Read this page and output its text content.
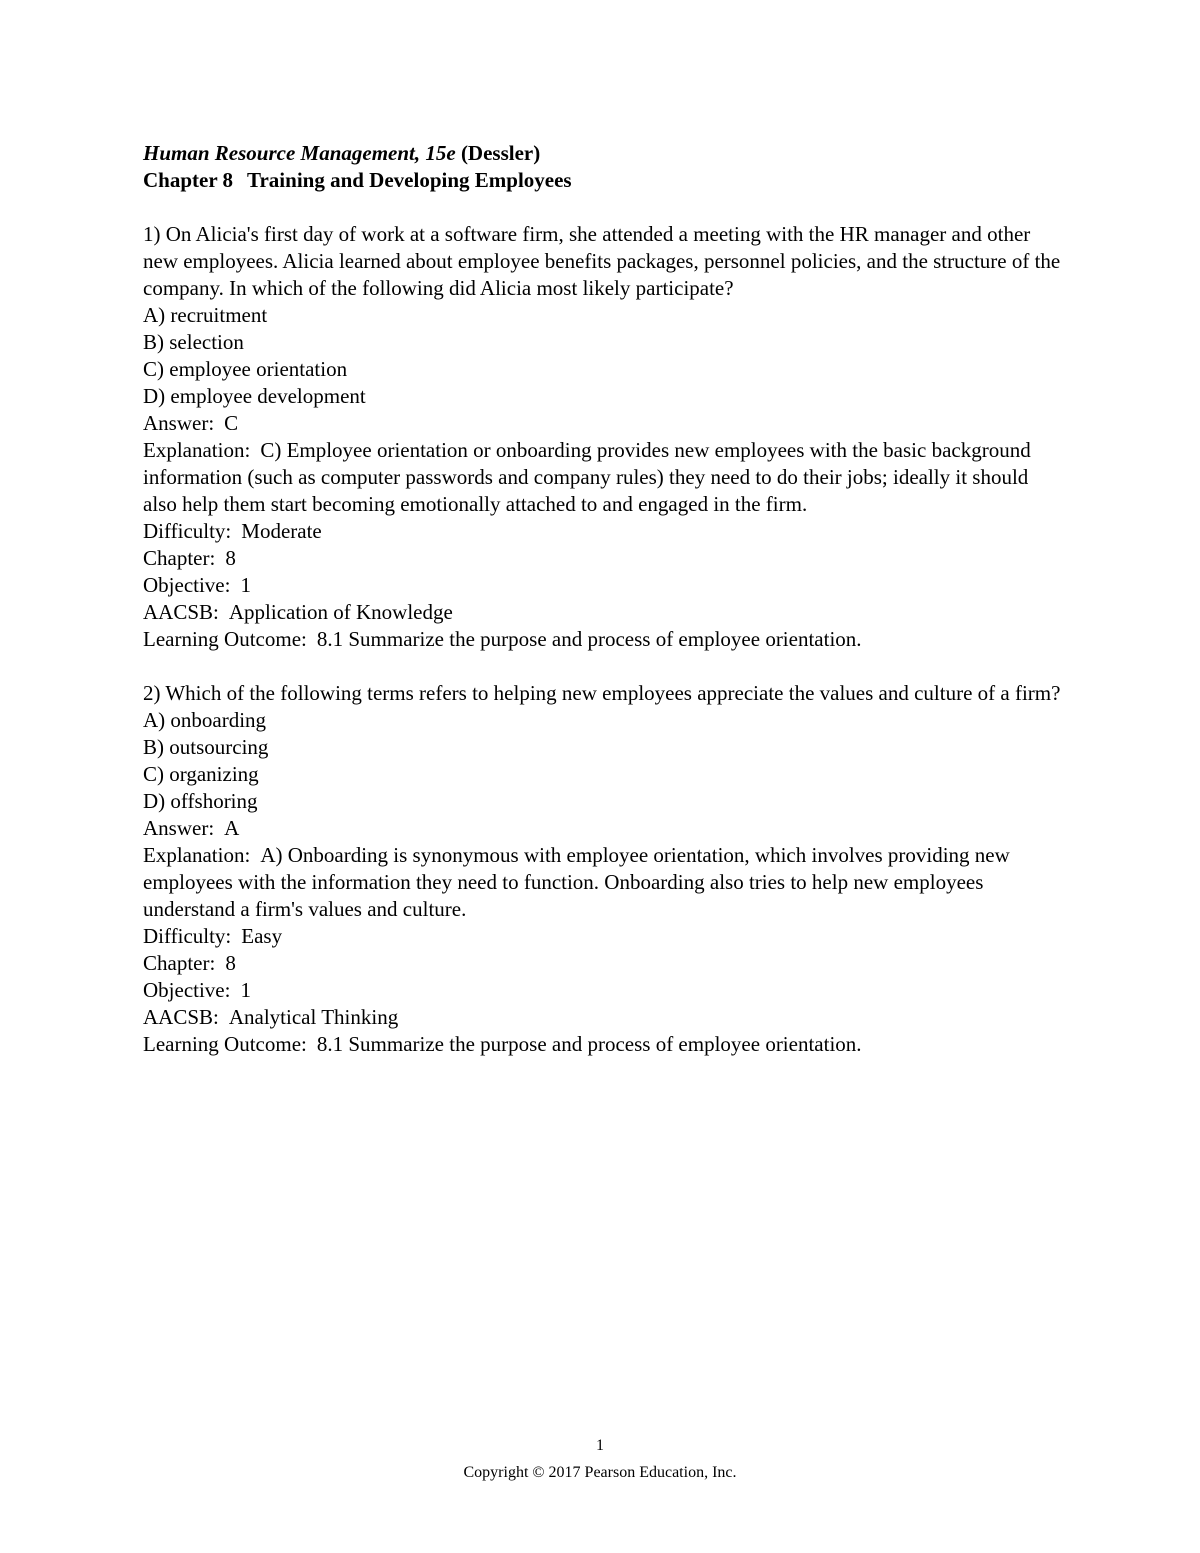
Human Resource Management, 15e (Dessler)

Chapter 8 Training and Developing Employees

1) On Alicia's first day of work at a software firm, she attended a meeting with the HR manager and other new employees. Alicia learned about employee benefits packages, personnel policies, and the structure of the company. In which of the following did Alicia most likely participate?

A) recruitment

B) selection

C) employee orientation

D) employee development

Answer: C

Explanation: C) Employee orientation or onboarding provides new employees with the basic background information (such as computer passwords and company rules) they need to do their jobs; ideally it should also help them start becoming emotionally attached to and engaged in the firm.

Difficulty: Moderate

Chapter: 8

Objective: 1

AACSB: Application of Knowledge

Learning Outcome: 8.1 Summarize the purpose and process of employee orientation.

2) Which of the following terms refers to helping new employees appreciate the values and culture of a firm?

A) onboarding

B) outsourcing

C) organizing

D) offshoring

Answer: A

Explanation: A) Onboarding is synonymous with employee orientation, which involves providing new employees with the information they need to function. Onboarding also tries to help new employees understand a firm's values and culture.

Difficulty: Easy

Chapter: 8

Objective: 1

AACSB: Analytical Thinking

Learning Outcome: 8.1 Summarize the purpose and process of employee orientation.

1
Copyright © 2017 Pearson Education, Inc.
